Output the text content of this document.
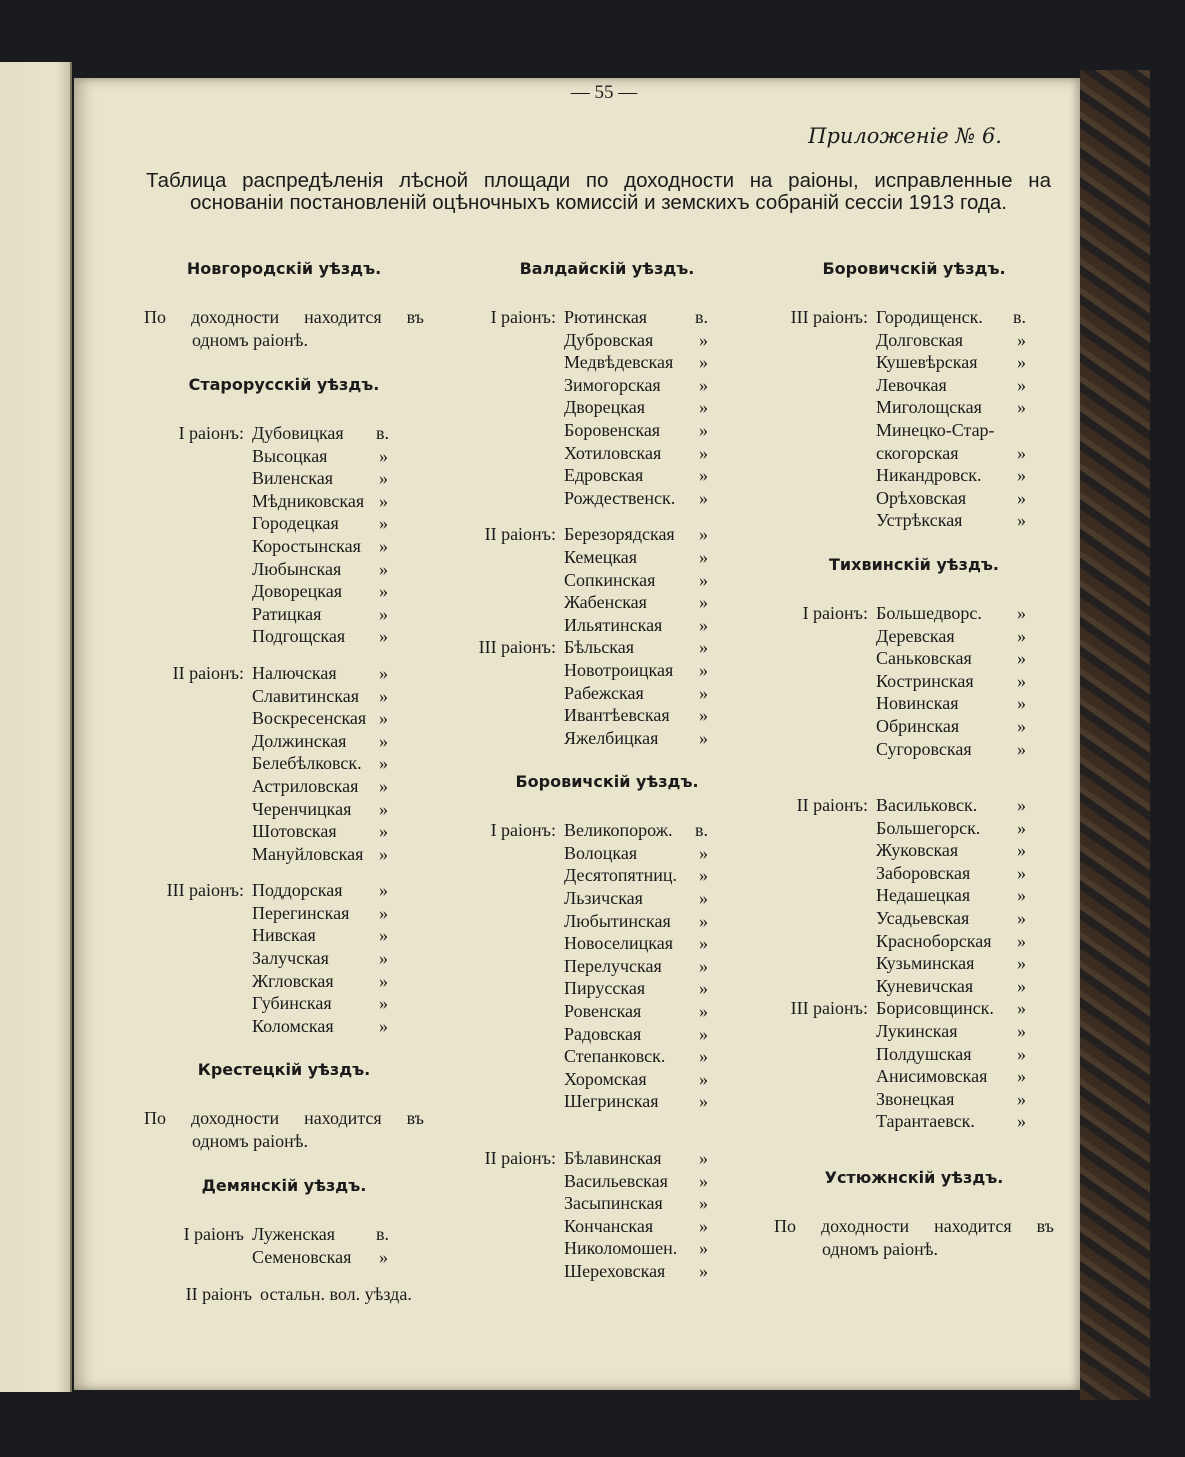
— 55 —
Приложеніе № 6.
Таблица распредѣленія лѣсной площади по доходности на раіоны, исправленные на основаніи постановленій оцѣночныхъ комиссій и земскихъ собраній сессіи 1913 года.
Новгородскій уѣздъ.
По доходности находится въ
одномъ раіонѣ.
Старорусскій уѣздъ.
I раіонъ: Дубовицкая	в.
Высоцкая	»
Виленская	»
Мѣдниковская »
Городецкая	»
Коростынская	»
Любынская	»
Доворецкая	»
Ратицкая	»
Подгощская	»
II раіонъ: Налючская	»
Славитинская	»
Воскресенская »
Должинская	»
Белебѣлковск. »
Астриловская	»
Черенчицкая	»
Шотовская	»
Мануйловская »
III раіонъ: Поддорская	»
Перегинская	»
Нивская	»
Залучская	»
Жгловская	»
Губинская	»
Коломская	»
Крестецкій уѣздъ.
По доходности находится въ
одномъ раіонѣ.
Демянскій уѣздъ.
I раіонъ Луженская	в.
Семеновская	»
II раіонъ остальн. вол. уѣзда.
Валдайскій уѣздъ.
I раіонъ: Рютинская	в.
Дубровская	»
Медвѣдевская	»
Зимогорская	»
Дворецкая	»
Боровенская	»
Хотиловская	»
Едровская	»
Рождественск.	»
II раіонъ: Березорядская	»
Кемецкая	»
Сопкинская	»
Жабенская	»
Ильятинская	»
III раіонъ: Бѣльская	»
Новотроицкая	»
Рабежская	»
Ивантѣевская	»
Яжелбицкая	»
Боровичскій уѣздъ.
I раіонъ: Великопорож.	в.
Волоцкая	»
Десятопятниц.	»
Льзичская	»
Любытинская	»
Новоселицкая	»
Перелучская	»
Пирусская	»
Ровенская	»
Радовская	»
Степанковск.	»
Хоромская	»
Шегринская	»
II раіонъ: Бѣлавинская	»
Васильевская	»
Засыпинская	»
Кончанская	»
Николомошен.	»
Шереховская	»
Боровичскій уѣздъ.
III раіонъ: Городищенск.	в.
Долговская	»
Кушевѣрская	»
Левочкая	»
Миголощская	»
Минецко-Стар-
скогорская	»
Никандровск.	»
Орѣховская	»
Устрѣкская	»
Тихвинскій уѣздъ.
I раіонъ: Большедворс.	»
Деревская	»
Саньковская	»
Костринская	»
Новинская	»
Обринская	»
Сугоровская	»
II раіонъ: Васильковск.	»
Большегорск.	»
Жуковская	»
Заборовская	»
Недашецкая	»
Усадьевская	»
Красноборская	»
Кузьминская	»
Куневичская	»
III раіонъ: Борисовщинск.	»
Лукинская	»
Полдушская	»
Анисимовская	»
Звонецкая	»
Тарантаевск.	»
Устюжнскій уѣздъ.
По доходности находится въ
одномъ раіонѣ.
